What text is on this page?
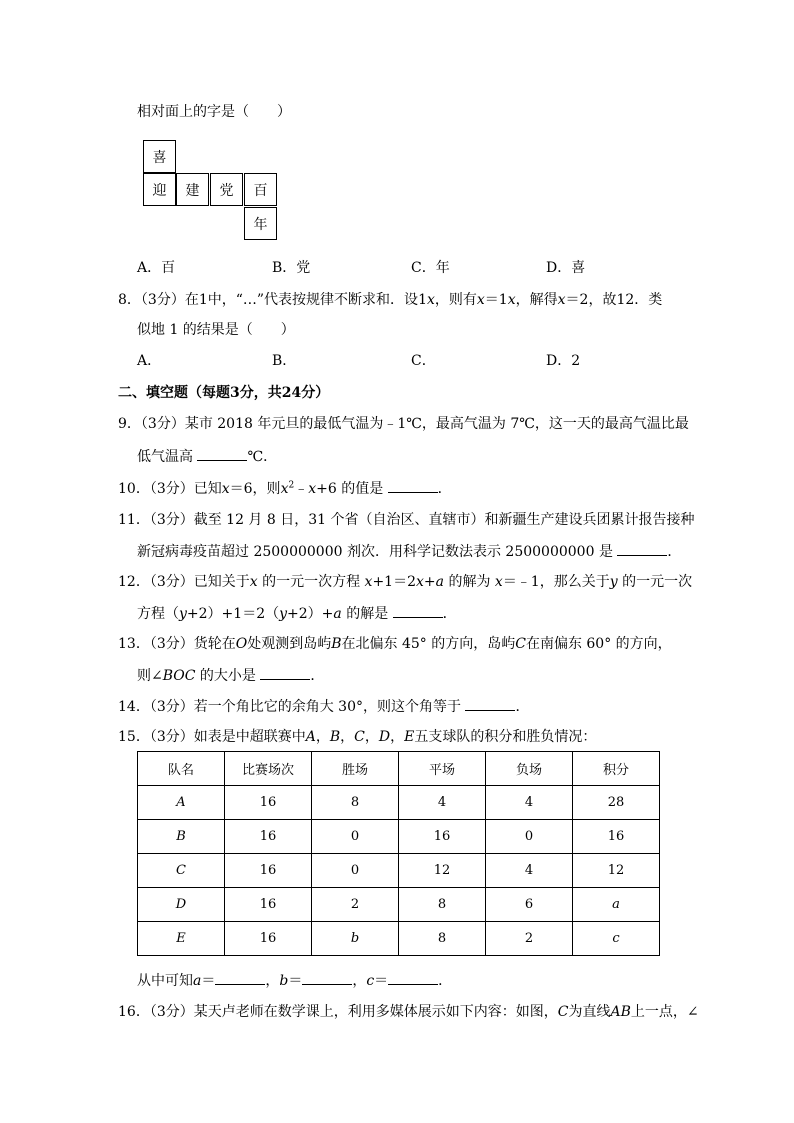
相对面上的字是（　　）
喜
迎	建	党	百
年
A．百	B．党	C．年	D．喜
8．（3分）在1中，“…”代表按规律不断求和．设1x，则有x＝1x，解得x＝2，故12．类
似地 1 的结果是（　　）
A．	B．	C．	D．2
二、填空题（每题3分，共24分）
9．（3分）某市 2018 年元旦的最低气温为﹣1℃，最高气温为 7℃，这一天的最高气温比最
低气温高	℃．
10．（3分）已知x＝6，则$x^2﹣x+6$ 的值是	．
11．（3分）截至 12 月 8 日，31 个省（自治区、直辖市）和新疆生产建设兵团累计报告接种
新冠病毒疫苗超过 2500000000 剂次．用科学记数法表示 2500000000 是	．
12．（3分）已知关于x 的一元一次方程 x+1＝2x+a 的解为 x＝﹣1，那么关于y 的一元一次
方程（y+2）+1＝2（y+2）+a 的解是	．
13．（3分）货轮在O处观测到岛屿B在北偏东 45° 的方向，岛屿C在南偏东 60° 的方向，
则∠BOC 的大小是	．
14．（3分）若一个角比它的余角大 30°，则这个角等于	．
15．（3分）如表是中超联赛中A，B，C，D，E五支球队的积分和胜负情况：
队名	比赛场次	胜场	平场	负场	积分
A	16	8	4	4	28
B	16	0	16	0	16
C	16	0	12	4	12
D	16	2	8	6	a
E	16	b	8	2	c
从中可知a＝	，b＝	，c＝	．
16．（3分）某天卢老师在数学课上，利用多媒体展示如下内容：如图，C为直线AB上一点，∠
